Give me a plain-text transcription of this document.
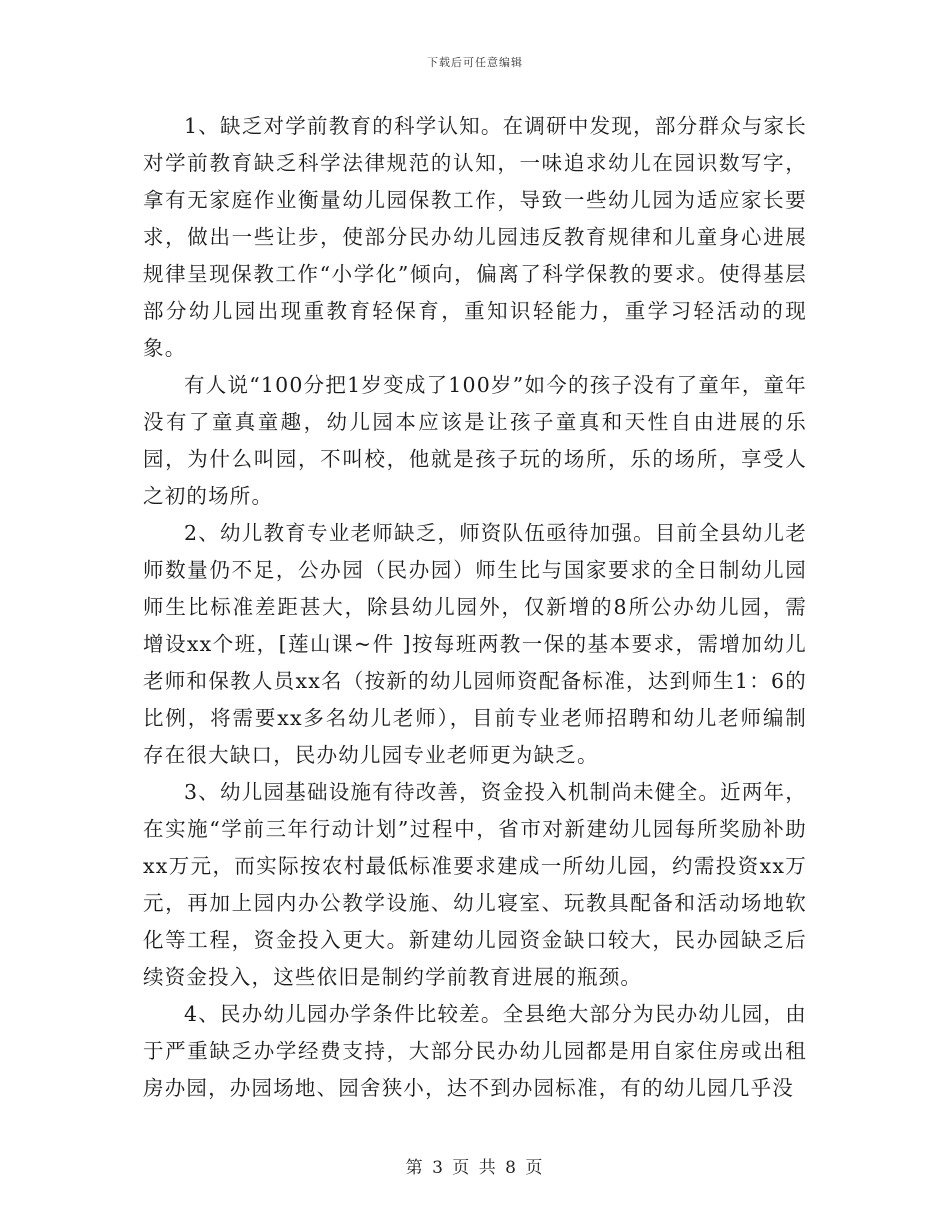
下载后可任意编辑

1、缺乏对学前教育的科学认知。在调研中发现，部分群众与家长对学前教育缺乏科学法律规范的认知，一味追求幼儿在园识数写字，拿有无家庭作业衡量幼儿园保教工作，导致一些幼儿园为适应家长要求，做出一些让步，使部分民办幼儿园违反教育规律和儿童身心进展规律呈现保教工作“小学化”倾向，偏离了科学保教的要求。使得基层部分幼儿园出现重教育轻保育，重知识轻能力，重学习轻活动的现象。

有人说“100分把1岁变成了100岁”如今的孩子没有了童年，童年没有了童真童趣，幼儿园本应该是让孩子童真和天性自由进展的乐园，为什么叫园，不叫校，他就是孩子玩的场所，乐的场所，享受人之初的场所。

2、幼儿教育专业老师缺乏，师资队伍亟待加强。目前全县幼儿老师数量仍不足，公办园（民办园）师生比与国家要求的全日制幼儿园师生比标准差距甚大，除县幼儿园外，仅新增的8所公办幼儿园，需增设xx个班，[莲山课~件 ]按每班两教一保的基本要求，需增加幼儿老师和保教人员xx名（按新的幼儿园师资配备标准，达到师生1：6的比例，将需要xx多名幼儿老师），目前专业老师招聘和幼儿老师编制存在很大缺口，民办幼儿园专业老师更为缺乏。

3、幼儿园基础设施有待改善，资金投入机制尚未健全。近两年，在实施“学前三年行动计划”过程中，省市对新建幼儿园每所奖励补助xx万元，而实际按农村最低标准要求建成一所幼儿园，约需投资xx万元，再加上园内办公教学设施、幼儿寝室、玩教具配备和活动场地软化等工程，资金投入更大。新建幼儿园资金缺口较大，民办园缺乏后续资金投入，这些依旧是制约学前教育进展的瓶颈。

4、民办幼儿园办学条件比较差。全县绝大部分为民办幼儿园，由于严重缺乏办学经费支持，大部分民办幼儿园都是用自家住房或出租房办园，办园场地、园舍狭小，达不到办园标准，有的幼儿园几乎没

第 3 页 共 8 页
